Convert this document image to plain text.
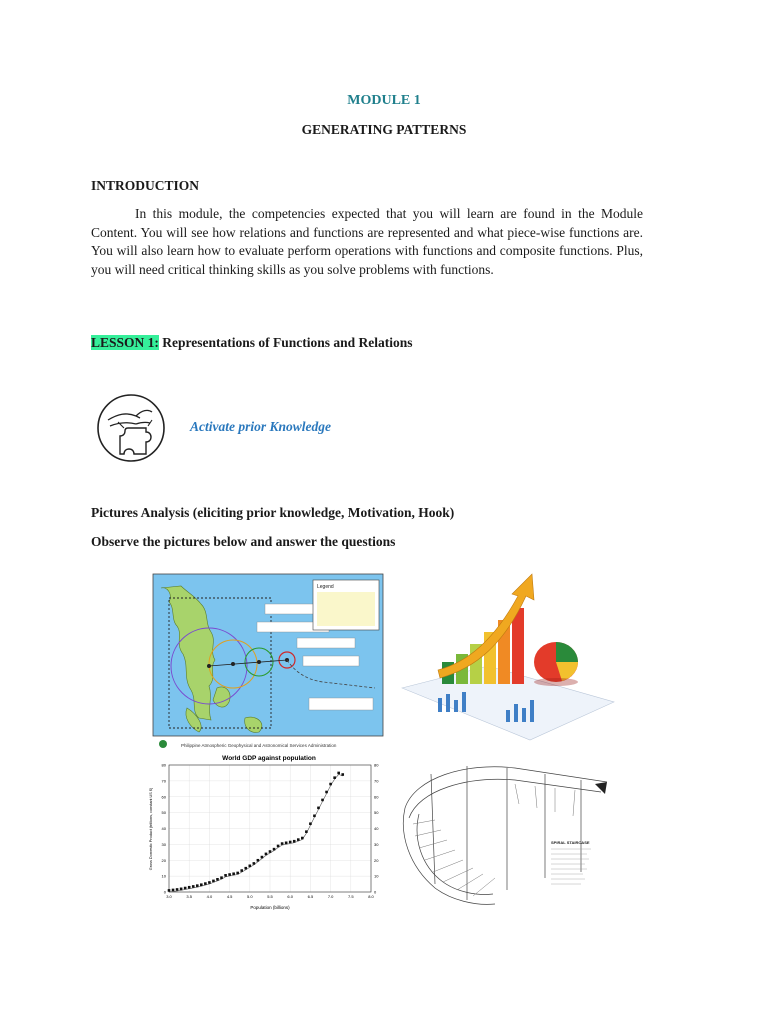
MODULE 1
GENERATING PATTERNS
INTRODUCTION
In this module, the competencies expected that you will learn are found in the Module Content. You will see how relations and functions are represented and what piece-wise functions are. You will also learn how to evaluate perform operations with functions and composite functions. Plus, you will need critical thinking skills as you solve problems with functions.
LESSON 1: Representations of Functions and Relations
Activate prior Knowledge
Pictures Analysis (eliciting prior knowledge, Motivation, Hook)
Observe the pictures below and answer the questions
Legend
Philippine Atmospheric Geophysical and Astronomical Services Administration
World GDP against population
0
10
20
30
40
50
60
70
80
0
10
20
30
40
50
60
70
80
3.0	3.5	4.0	4.5	5.0	5.5	6.0	6.5	7.0	7.5	8.0
Population (billions)
Gross Domestic Product (trillions, constant US $)	SPIRAL STAIRCASE
